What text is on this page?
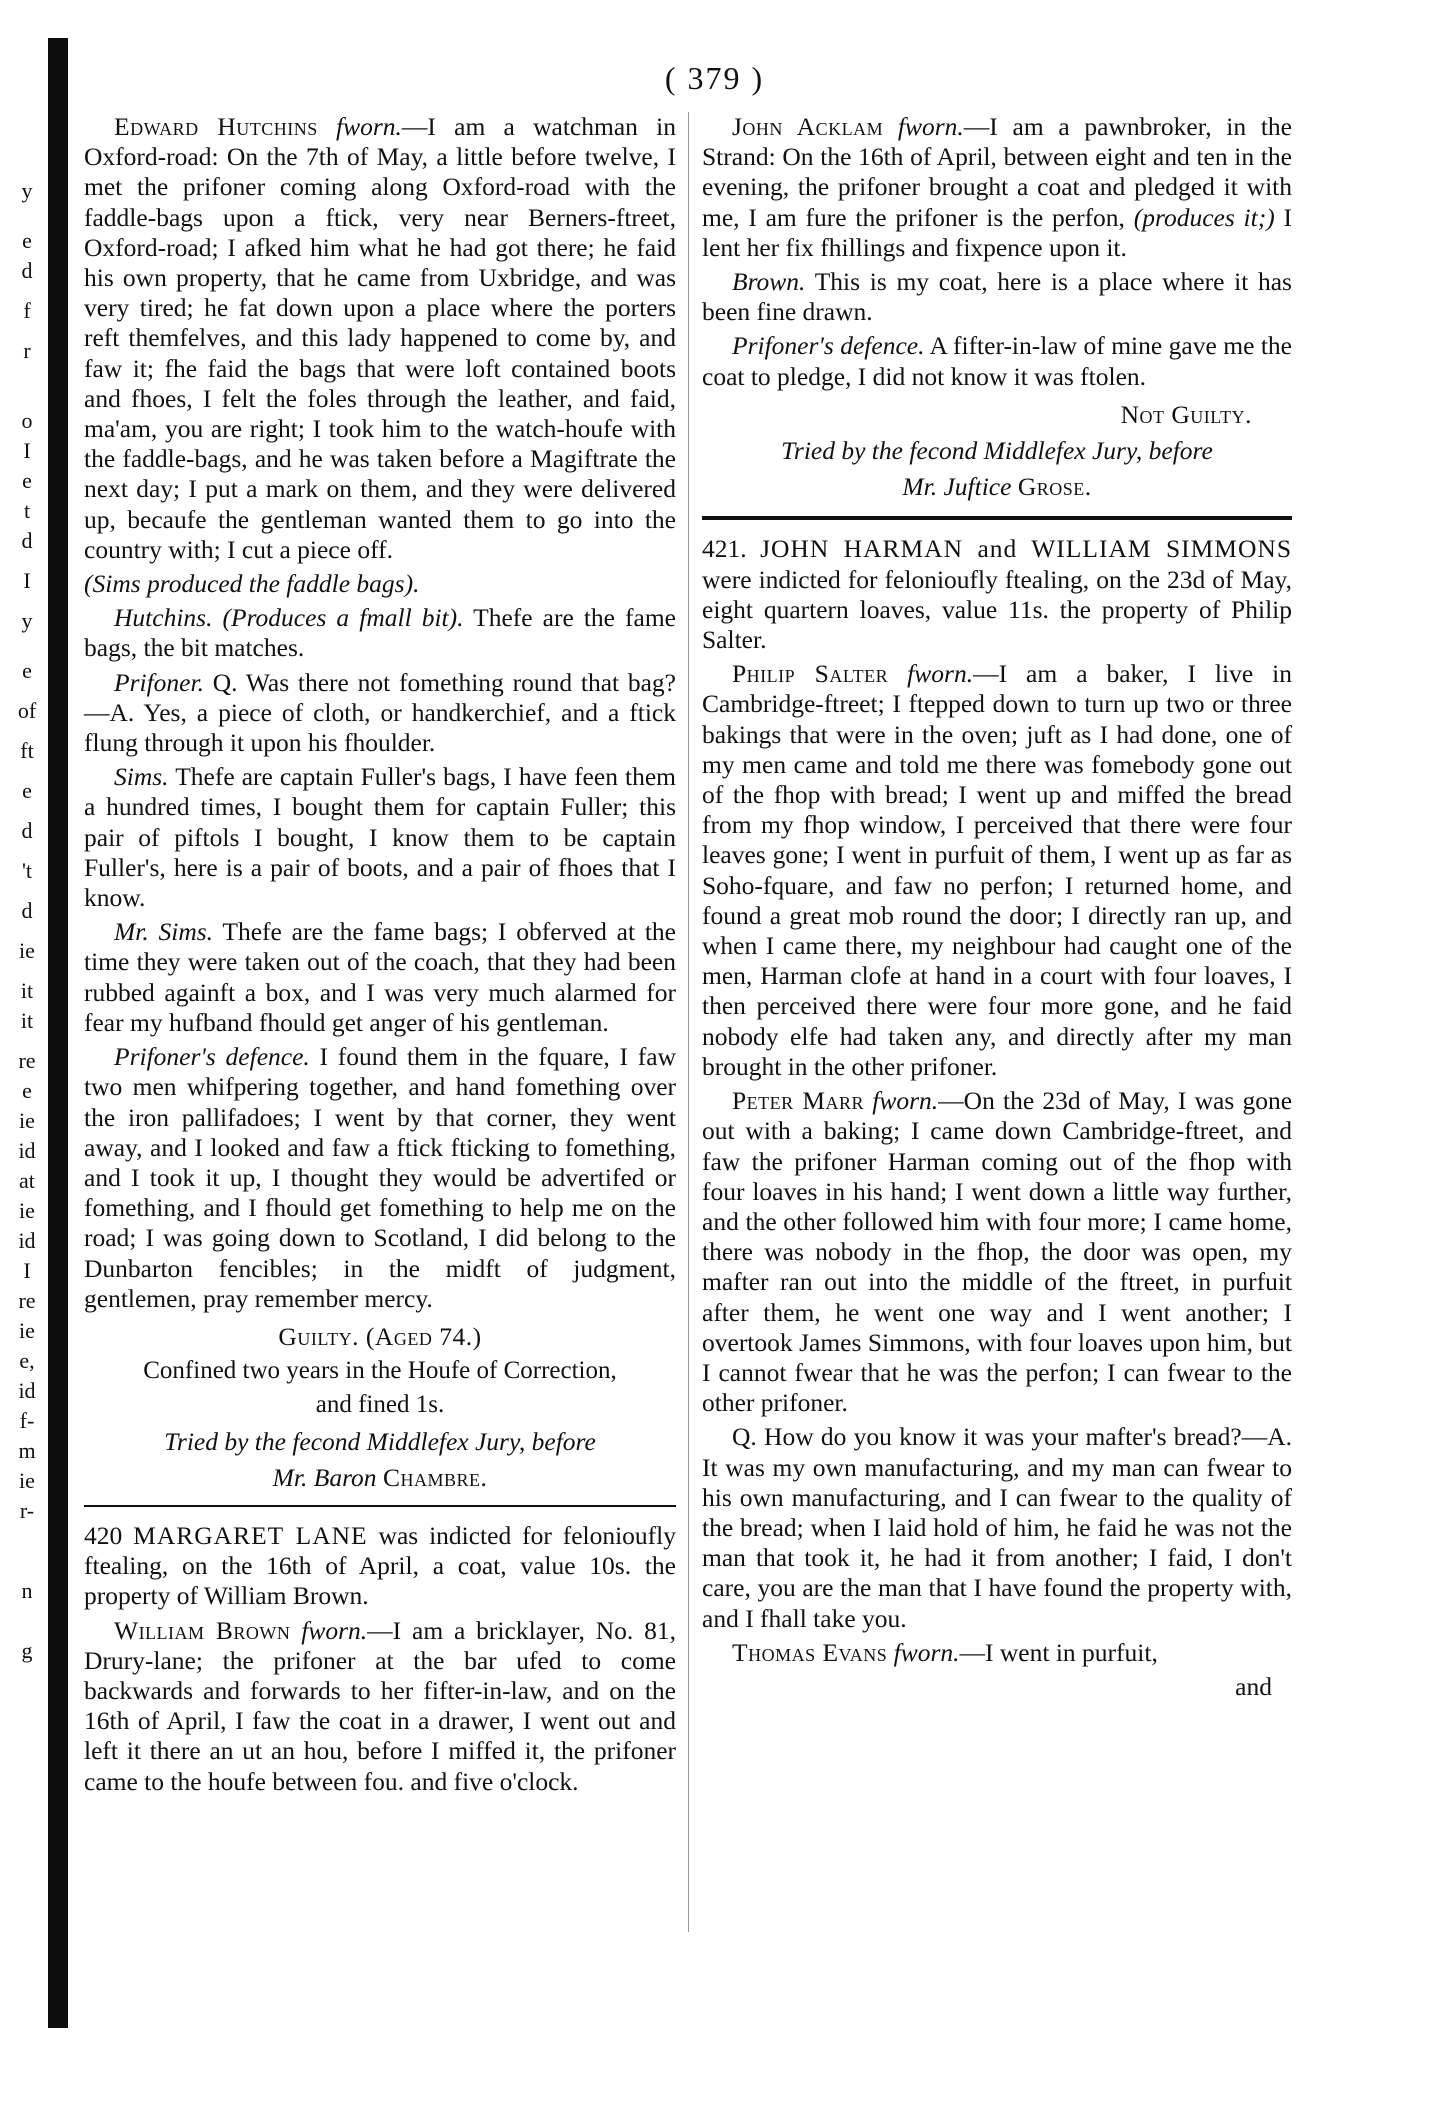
y
e
d
f
r
o
I
e
t
d
I
y
e
of
ft
e
d
't
d
ie
it
it
re
e
ie
id
at
ie
id
I
re
ie
e,
id
f-
m
ie
r-
n
g
( 379 )

Edward Hutchins fworn.—I am a watchman in Oxford-road: On the 7th of May, a little before twelve, I met the prifoner coming along Oxford-road with the faddle-bags upon a ftick, very near Berners-ftreet, Oxford-road; I afked him what he had got there; he faid his own property, that he came from Uxbridge, and was very tired; he fat down upon a place where the porters reft themfelves, and this lady happened to come by, and faw it; fhe faid the bags that were loft contained boots and fhoes, I felt the foles through the leather, and faid, ma'am, you are right; I took him to the watch-houfe with the faddle-bags, and he was taken before a Magiftrate the next day; I put a mark on them, and they were delivered up, becaufe the gentleman wanted them to go into the country with; I cut a piece off.

(Sims produced the faddle bags).

Hutchins. (Produces a fmall bit). Thefe are the fame bags, the bit matches.

Prifoner. Q. Was there not fomething round that bag?—A. Yes, a piece of cloth, or handkerchief, and a ftick flung through it upon his fhoulder.

Sims. Thefe are captain Fuller's bags, I have feen them a hundred times, I bought them for captain Fuller; this pair of piftols I bought, I know them to be captain Fuller's, here is a pair of boots, and a pair of fhoes that I know.

Mr. Sims. Thefe are the fame bags; I obferved at the time they were taken out of the coach, that they had been rubbed againft a box, and I was very much alarmed for fear my hufband fhould get anger of his gentleman.

Prifoner's defence. I found them in the fquare, I faw two men whifpering together, and hand fomething over the iron pallifadoes; I went by that corner, they went away, and I looked and faw a ftick fticking to fomething, and I took it up, I thought they would be advertifed or fomething, and I fhould get fomething to help me on the road; I was going down to Scotland, I did belong to the Dunbarton fencibles; in the midft of judgment, gentlemen, pray remember mercy.

Guilty. (Aged 74.)

Confined two years in the Houfe of Correction,

and fined 1s.

Tried by the fecond Middlefex Jury, before

Mr. Baron Chambre.

420 MARGARET LANE was indicted for felonioufly ftealing, on the 16th of April, a coat, value 10s. the property of William Brown.

William Brown fworn.—I am a bricklayer, No. 81, Drury-lane; the prifoner at the bar ufed to come backwards and forwards to her fifter-in-law, and on the 16th of April, I faw the coat in a drawer, I went out and left it there an ut an hou, before I miffed it, the prifoner came to the houfe between fou. and five o'clock.

John Acklam fworn.—I am a pawnbroker, in the Strand: On the 16th of April, between eight and ten in the evening, the prifoner brought a coat and pledged it with me, I am fure the prifoner is the perfon, (produces it;) I lent her fix fhillings and fixpence upon it.

Brown. This is my coat, here is a place where it has been fine drawn.

Prifoner's defence. A fifter-in-law of mine gave me the coat to pledge, I did not know it was ftolen.

Not Guilty.

Tried by the fecond Middlefex Jury, before

Mr. Juftice Grose.

421. JOHN HARMAN and WILLIAM SIMMONS were indicted for felonioufly ftealing, on the 23d of May, eight quartern loaves, value 11s. the property of Philip Salter.

Philip Salter fworn.—I am a baker, I live in Cambridge-ftreet; I ftepped down to turn up two or three bakings that were in the oven; juft as I had done, one of my men came and told me there was fomebody gone out of the fhop with bread; I went up and miffed the bread from my fhop window, I perceived that there were four leaves gone; I went in purfuit of them, I went up as far as Soho-fquare, and faw no perfon; I returned home, and found a great mob round the door; I directly ran up, and when I came there, my neighbour had caught one of the men, Harman clofe at hand in a court with four loaves, I then perceived there were four more gone, and he faid nobody elfe had taken any, and directly after my man brought in the other prifoner.

Peter Marr fworn.—On the 23d of May, I was gone out with a baking; I came down Cambridge-ftreet, and faw the prifoner Harman coming out of the fhop with four loaves in his hand; I went down a little way further, and the other followed him with four more; I came home, there was nobody in the fhop, the door was open, my mafter ran out into the middle of the ftreet, in purfuit after them, he went one way and I went another; I overtook James Simmons, with four loaves upon him, but I cannot fwear that he was the perfon; I can fwear to the other prifoner.

Q. How do you know it was your mafter's bread?—A. It was my own manufacturing, and my man can fwear to his own manufacturing, and I can fwear to the quality of the bread; when I laid hold of him, he faid he was not the man that took it, he had it from another; I faid, I don't care, you are the man that I have found the property with, and I fhall take you.

Thomas Evans fworn.—I went in purfuit,

and
